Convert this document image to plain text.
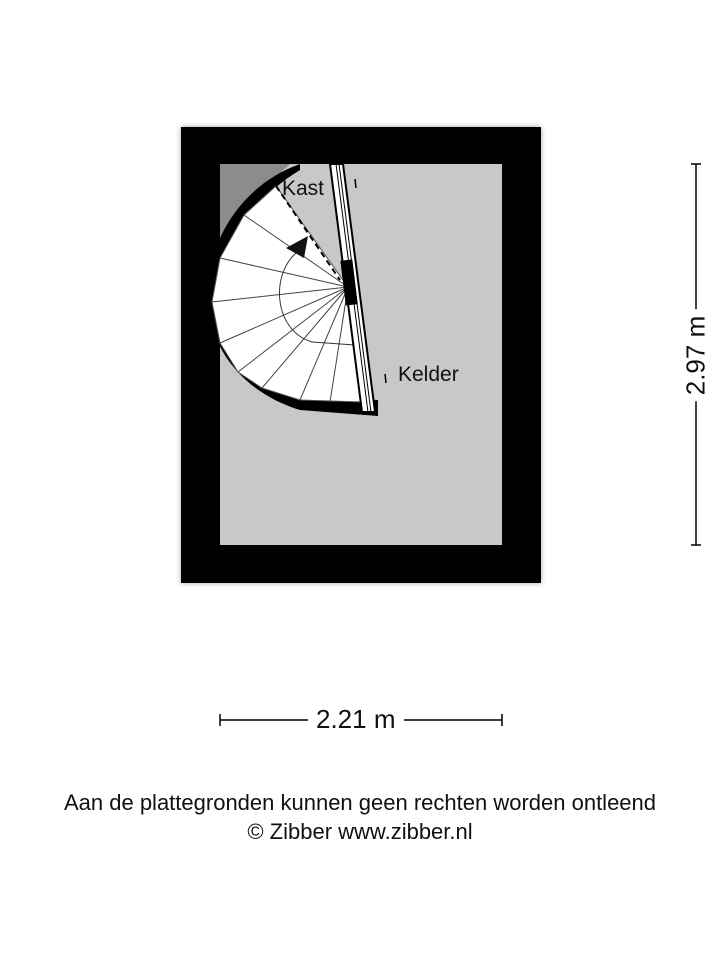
Kast
Kelder	2.97 m
2.21 m
Aan de plattegronden kunnen geen rechten worden ontleend
© Zibber www.zibber.nl
